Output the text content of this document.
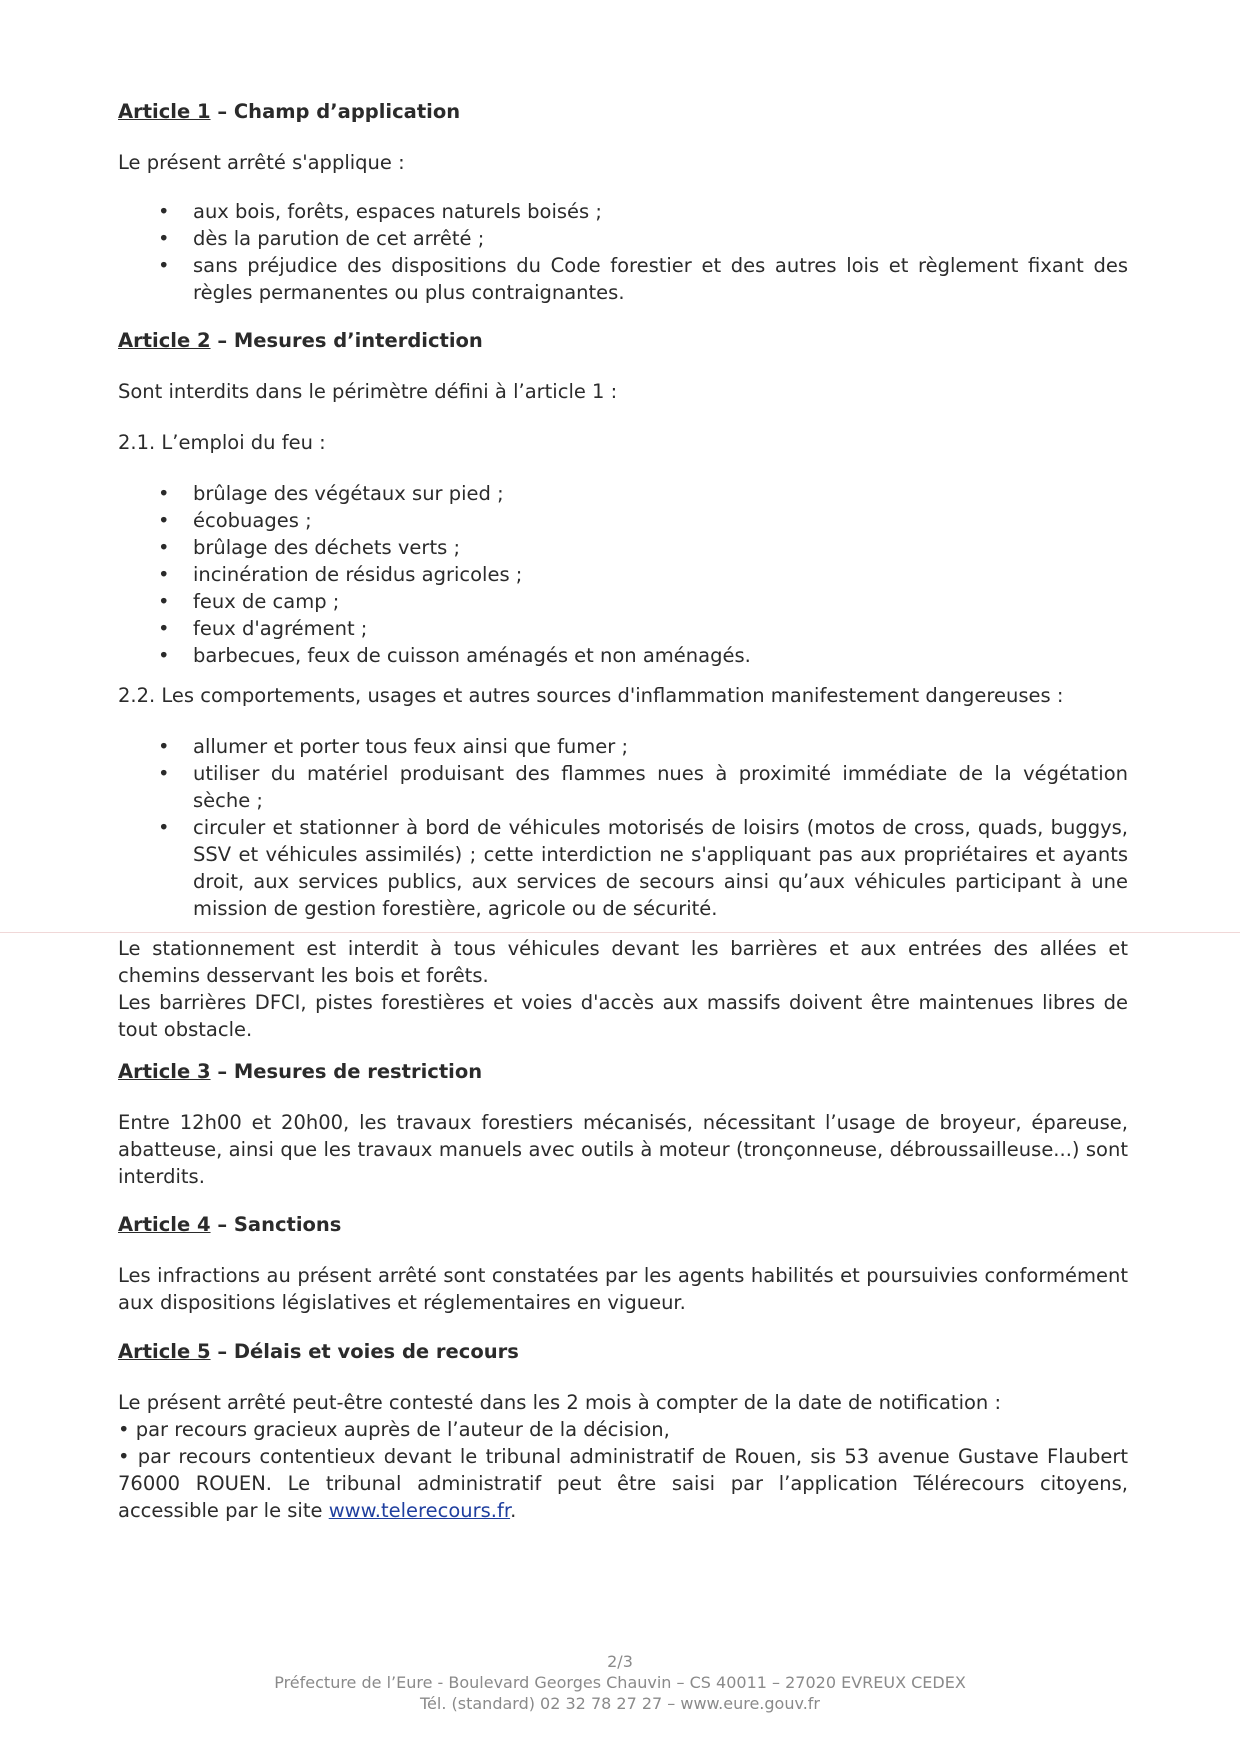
Article 1 – Champ d’application
Le présent arrêté s'applique :
• aux bois, forêts, espaces naturels boisés ;
• dès la parution de cet arrêté ;
• sans préjudice des dispositions du Code forestier et des autres lois et règlement fixant des règles permanentes ou plus contraignantes.
Article 2 – Mesures d’interdiction
Sont interdits dans le périmètre défini à l’article 1 :
2.1. L’emploi du feu :
• brûlage des végétaux sur pied ;
• écobuages ;
• brûlage des déchets verts ;
• incinération de résidus agricoles ;
• feux de camp ;
• feux d'agrément ;
• barbecues, feux de cuisson aménagés et non aménagés.
2.2. Les comportements, usages et autres sources d'inflammation manifestement dangereuses :
• allumer et porter tous feux ainsi que fumer ;
• utiliser du matériel produisant des flammes nues à proximité immédiate de la végétation sèche ;
• circuler et stationner à bord de véhicules motorisés de loisirs (motos de cross, quads, buggys, SSV et véhicules assimilés) ; cette interdiction ne s'appliquant pas aux propriétaires et ayants droit, aux services publics, aux services de secours ainsi qu’aux véhicules participant à une mission de gestion forestière, agricole ou de sécurité.
Le stationnement est interdit à tous véhicules devant les barrières et aux entrées des allées et chemins desservant les bois et forêts.
Les barrières DFCI, pistes forestières et voies d'accès aux massifs doivent être maintenues libres de tout obstacle.
Article 3 – Mesures de restriction
Entre 12h00 et 20h00, les travaux forestiers mécanisés, nécessitant l’usage de broyeur, épareuse, abatteuse, ainsi que les travaux manuels avec outils à moteur (tronçonneuse, débroussailleuse...) sont interdits.
Article 4 – Sanctions
Les infractions au présent arrêté sont constatées par les agents habilités et poursuivies conformément aux dispositions législatives et réglementaires en vigueur.
Article 5 – Délais et voies de recours
Le présent arrêté peut-être contesté dans les 2 mois à compter de la date de notification :
• par recours gracieux auprès de l’auteur de la décision,
• par recours contentieux devant le tribunal administratif de Rouen, sis 53 avenue Gustave Flaubert 76000 ROUEN. Le tribunal administratif peut être saisi par l’application Télérecours citoyens, accessible par le site www.telerecours.fr.
2/3
Préfecture de l’Eure - Boulevard Georges Chauvin – CS 40011 – 27020 EVREUX CEDEX
Tél. (standard) 02 32 78 27 27 – www.eure.gouv.fr
